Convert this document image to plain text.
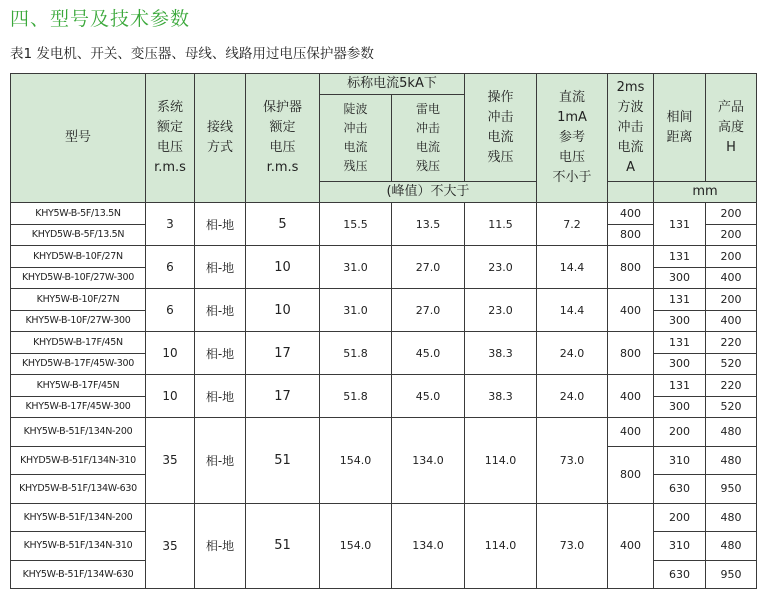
四、型号及技术参数
表1 发电机、开关、变压器、母线、线路用过电压保护器参数
型号	系统
额定
电压
r.m.s	接线
方式	保护器
额定
电压
r.m.s	标称电流5kA下		操作
冲击
电流
残压	直流
1mA
参考
电压
不小于	2ms
方波
冲击
电流
A	相间
距离	产品
高度
H
				陡波
冲击
电流
残压	雷电
冲击
电流
残压					
				(峰值）不大于					mm	
KHY5W-B-5F/13.5N	3	相-地	5	15.5	13.5	11.5	7.2	400	131	200
KHYD5W-B-5F/13.5N								800		200
KHYD5W-B-10F/27N	6	相-地	10	31.0	27.0	23.0	14.4	800	131	200
KHYD5W-B-10F/27W-300									300	400
KHY5W-B-10F/27N	6	相-地	10	31.0	27.0	23.0	14.4	400	131	200
KHY5W-B-10F/27W-300									300	400
KHYD5W-B-17F/45N	10	相-地	17	51.8	45.0	38.3	24.0	800	131	220
KHYD5W-B-17F/45W-300									300	520
KHY5W-B-17F/45N	10	相-地	17	51.8	45.0	38.3	24.0	400	131	220
KHY5W-B-17F/45W-300									300	520
KHY5W-B-51F/134N-200	35	相-地	51	154.0	134.0	114.0	73.0	400	200	480
KHYD5W-B-51F/134N-310								800	310	480
KHYD5W-B-51F/134W-630									630	950
KHY5W-B-51F/134N-200	35	相-地	51	154.0	134.0	114.0	73.0	400	200	480
KHY5W-B-51F/134N-310									310	480
KHY5W-B-51F/134W-630									630	950
